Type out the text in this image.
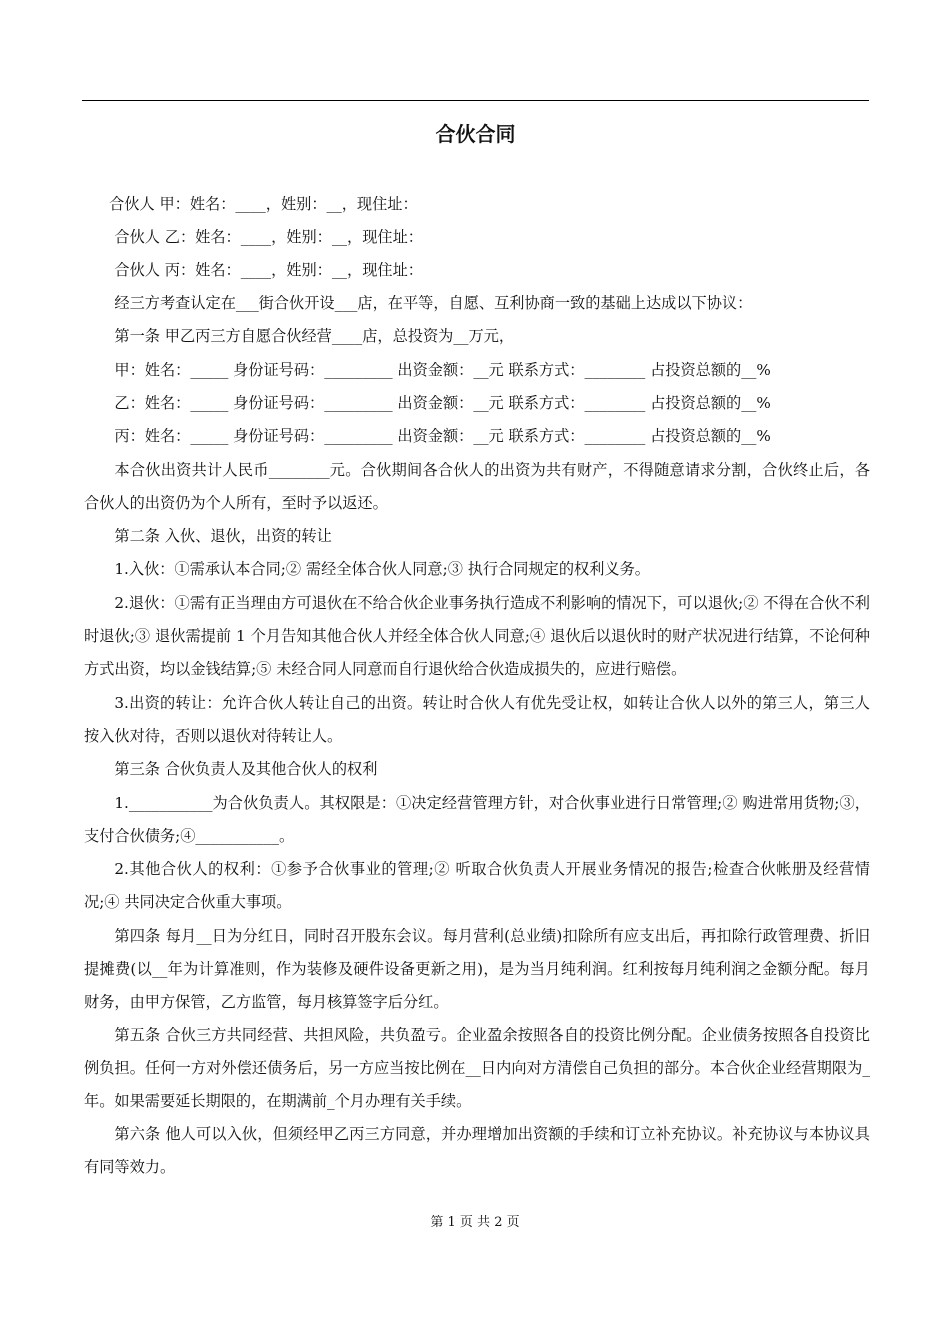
合伙合同

合伙人 甲：姓名：____，姓别：__，现住址：

合伙人 乙：姓名：____，姓别：__，现住址：

合伙人 丙：姓名：____，姓别：__，现住址：

经三方考查认定在___街合伙开设___店，在平等，自愿、互利协商一致的基础上达成以下协议：

第一条 甲乙丙三方自愿合伙经营____店，总投资为__万元，

甲：姓名：_____ 身份证号码：_________ 出资金额：__元 联系方式：________ 占投资总额的__%

乙：姓名：_____ 身份证号码：_________ 出资金额：__元 联系方式：________ 占投资总额的__%

丙：姓名：_____ 身份证号码：_________ 出资金额：__元 联系方式：________ 占投资总额的__%

本合伙出资共计人民币________元。合伙期间各合伙人的出资为共有财产，不得随意请求分割，合伙终止后，各合伙人的出资仍为个人所有，至时予以返还。

第二条 入伙、退伙，出资的转让

1.入伙：①需承认本合同;② 需经全体合伙人同意;③ 执行合同规定的权利义务。

2.退伙：①需有正当理由方可退伙在不给合伙企业事务执行造成不利影响的情况下，可以退伙;② 不得在合伙不利时退伙;③ 退伙需提前 1 个月告知其他合伙人并经全体合伙人同意;④ 退伙后以退伙时的财产状况进行结算，不论何种方式出资，均以金钱结算;⑤ 未经合同人同意而自行退伙给合伙造成损失的，应进行赔偿。

3.出资的转让：允许合伙人转让自己的出资。转让时合伙人有优先受让权，如转让合伙人以外的第三人，第三人按入伙对待，否则以退伙对待转让人。

第三条 合伙负责人及其他合伙人的权利

1.___________为合伙负责人。其权限是：①决定经营管理方针，对合伙事业进行日常管理;② 购进常用货物;③，支付合伙债务;④___________。

2.其他合伙人的权利：①参予合伙事业的管理;② 听取合伙负责人开展业务情况的报告;检查合伙帐册及经营情况;④ 共同决定合伙重大事项。

第四条 每月__日为分红日，同时召开股东会议。每月营利(总业绩)扣除所有应支出后，再扣除行政管理费、折旧提摊费(以__年为计算准则，作为装修及硬件设备更新之用)，是为当月纯利润。红利按每月纯利润之金额分配。每月财务，由甲方保管，乙方监管，每月核算签字后分红。

第五条 合伙三方共同经营、共担风险，共负盈亏。企业盈余按照各自的投资比例分配。企业债务按照各自投资比例负担。任何一方对外偿还债务后，另一方应当按比例在__日内向对方清偿自己负担的部分。本合伙企业经营期限为_年。如果需要延长期限的，在期满前_个月办理有关手续。

第六条 他人可以入伙，但须经甲乙丙三方同意，并办理增加出资额的手续和订立补充协议。补充协议与本协议具有同等效力。

第 1 页 共 2 页
